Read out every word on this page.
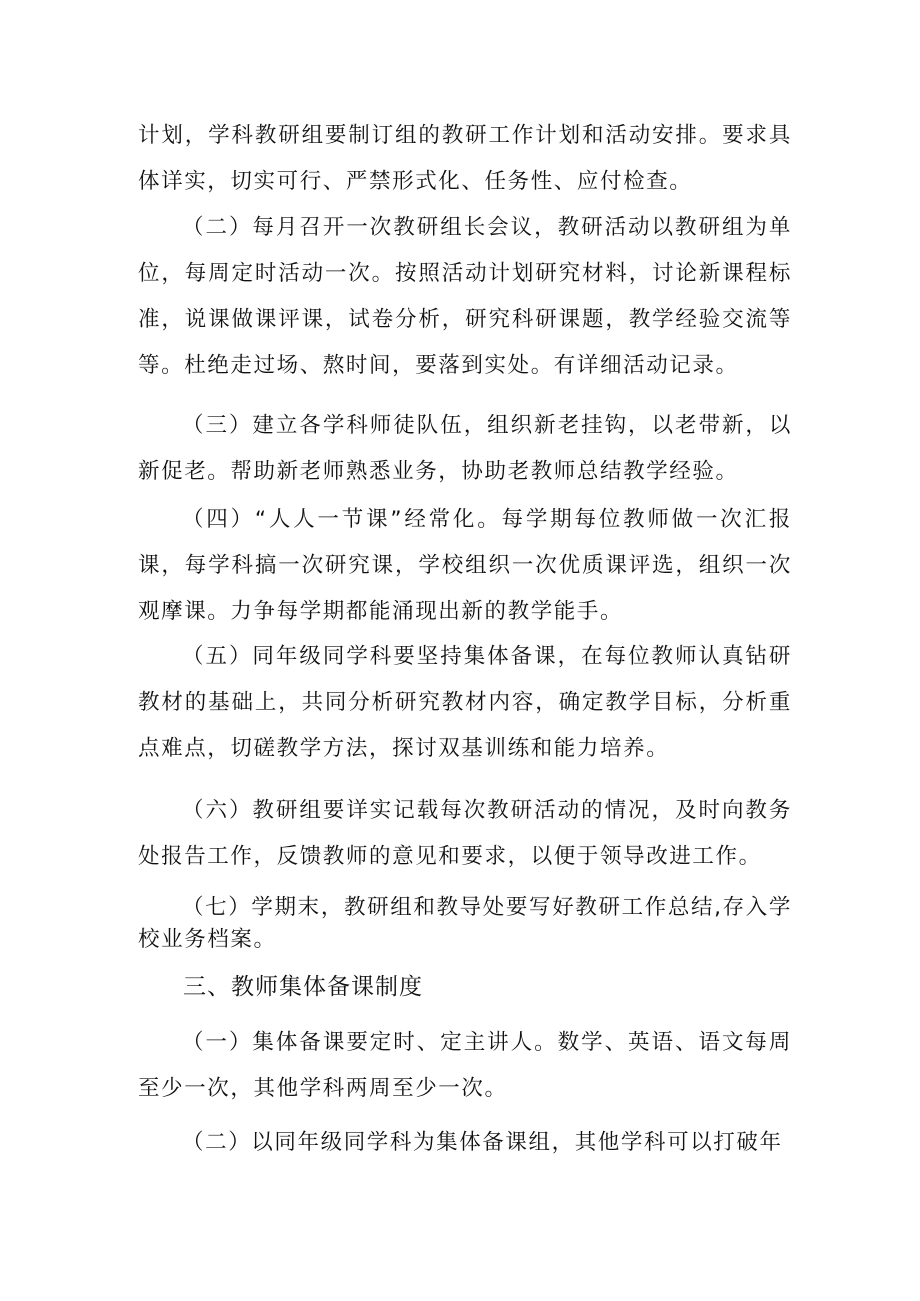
计划，学科教研组要制订组的教研工作计划和活动安排。要求具体详实，切实可行、严禁形式化、任务性、应付检查。

（二）每月召开一次教研组长会议，教研活动以教研组为单位，每周定时活动一次。按照活动计划研究材料，讨论新课程标准，说课做课评课，试卷分析，研究科研课题，教学经验交流等等。杜绝走过场、熬时间，要落到实处。有详细活动记录。

（三）建立各学科师徒队伍，组织新老挂钩，以老带新，以新促老。帮助新老师熟悉业务，协助老教师总结教学经验。

（四）“人人一节课”经常化。每学期每位教师做一次汇报课，每学科搞一次研究课，学校组织一次优质课评选，组织一次观摩课。力争每学期都能涌现出新的教学能手。

（五）同年级同学科要坚持集体备课，在每位教师认真钻研教材的基础上，共同分析研究教材内容，确定教学目标，分析重点难点，切磋教学方法，探讨双基训练和能力培养。

（六）教研组要详实记载每次教研活动的情况，及时向教务处报告工作，反馈教师的意见和要求，以便于领导改进工作。

（七）学期末，教研组和教导处要写好教研工作总结,存入学校业务档案。

三、教师集体备课制度

（一）集体备课要定时、定主讲人。数学、英语、语文每周至少一次，其他学科两周至少一次。

（二）以同年级同学科为集体备课组，其他学科可以打破年
